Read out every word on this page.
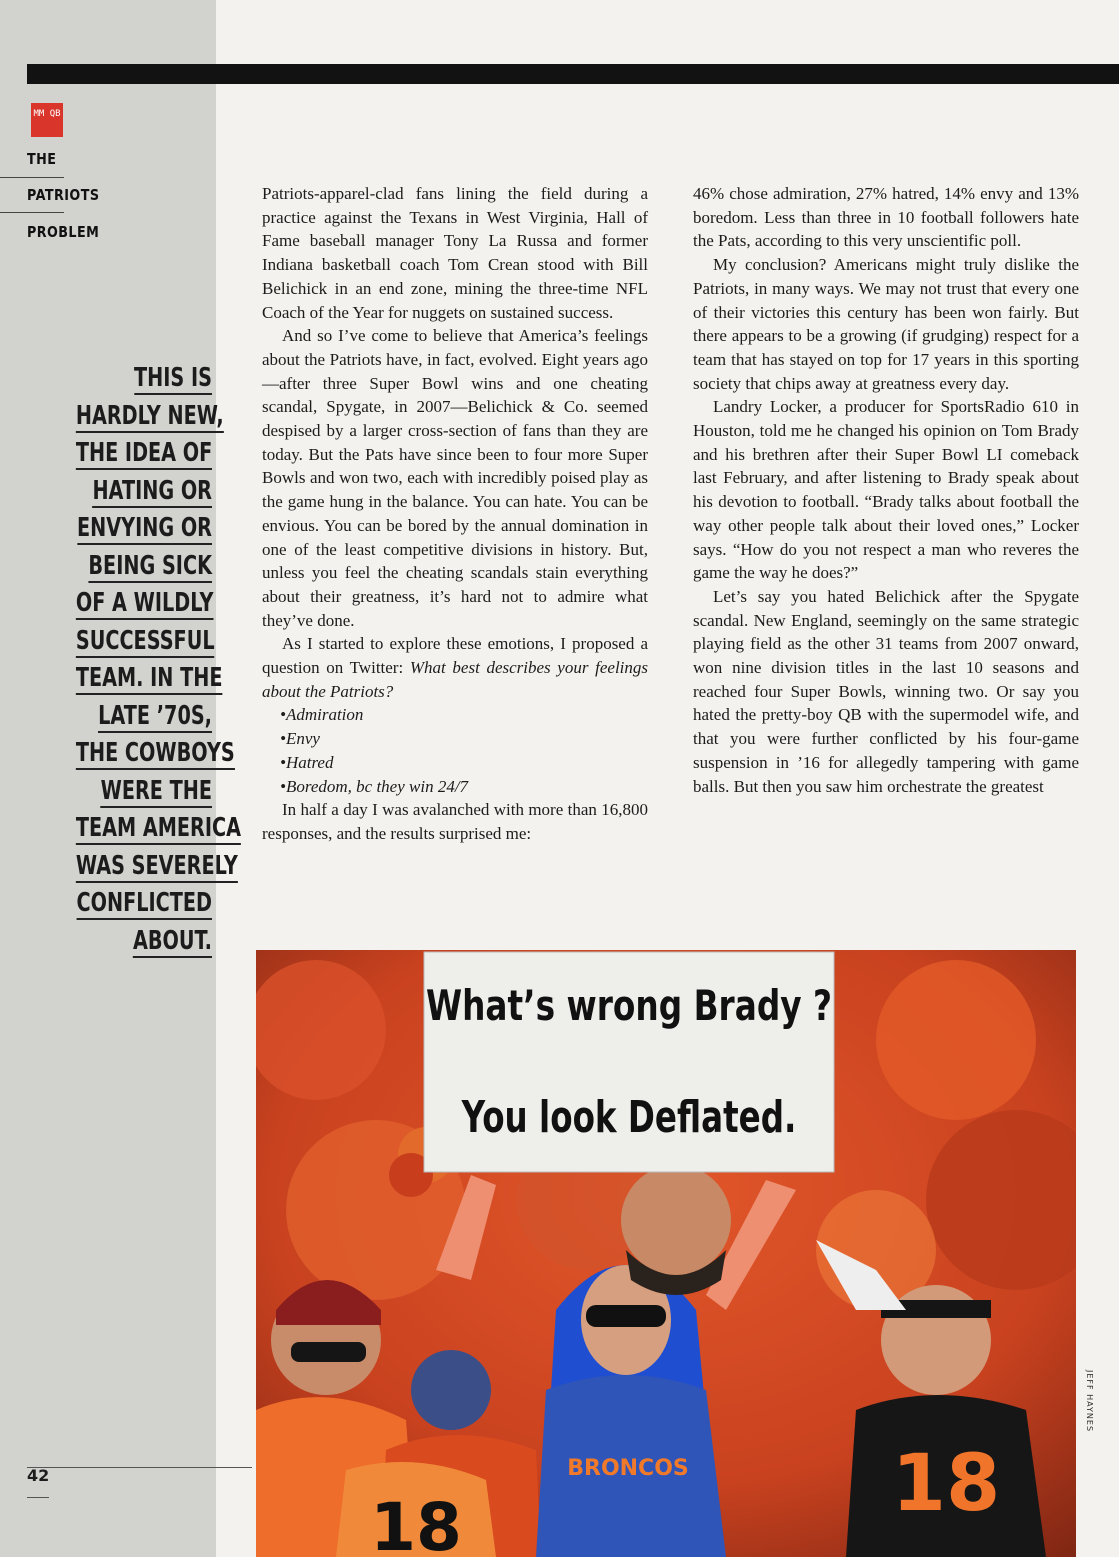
MM QB
THE
PATRIOTS
PROBLEM
THIS IS
HARDLY NEW,
THE IDEA OF
HATING OR
ENVYING OR
BEING SICK
OF A WILDLY
SUCCESSFUL
TEAM. IN THE
LATE ’70S,
THE COWBOYS
WERE THE
TEAM AMERICA
WAS SEVERELY
CONFLICTED
ABOUT.

Patriots-apparel-clad fans lining the field during a practice against the Texans in West Virginia, Hall of Fame baseball manager Tony La Russa and former Indiana basketball coach Tom Crean stood with Bill Belichick in an end zone, mining the three-time NFL Coach of the Year for nuggets on sustained success.

And so I’ve come to believe that America’s feelings about the Patriots have, in fact, evolved. Eight years ago—after three Super Bowl wins and one cheating scandal, Spygate, in 2007—Belichick & Co. seemed despised by a larger cross-section of fans than they are today. But the Pats have since been to four more Super Bowls and won two, each with incredibly poised play as the game hung in the balance. You can hate. You can be envious. You can be bored by the annual domination in one of the least competitive divisions in history. But, unless you feel the cheating scandals stain everything about their greatness, it’s hard not to admire what they’ve done.

As I started to explore these emotions, I proposed a question on Twitter: What best describes your feelings about the Patriots?

•Admiration

•Envy

•Hatred

•Boredom, bc they win 24/7

In half a day I was avalanched with more than 16,800 responses, and the results surprised me:

46% chose admiration, 27% hatred, 14% envy and 13% boredom. Less than three in 10 football followers hate the Pats, according to this very unscientific poll.

My conclusion? Americans might truly dislike the Patriots, in many ways. We may not trust that every one of their victories this century has been won fairly. But there appears to be a growing (if grudging) respect for a team that has stayed on top for 17 years in this sporting society that chips away at greatness every day.

Landry Locker, a producer for SportsRadio 610 in Houston, told me he changed his opinion on Tom Brady and his brethren after their Super Bowl LI comeback last February, and after listening to Brady speak about his devotion to football. “Brady talks about football the way other people talk about their loved ones,” Locker says. “How do you not respect a man who reveres the game the way he does?”

Let’s say you hated Belichick after the Spygate scandal. New England, seemingly on the same strategic playing field as the other 31 teams from 2007 onward, won nine division titles in the last 10 seasons and reached four Super Bowls, winning two. Or say you hated the pretty-boy QB with the supermodel wife, and that you were further conflicted by his four-game suspension in ’16 for allegedly tampering with game balls. But then you saw him orchestrate the greatest

BRONCOS	18
18
What’s wrong Brady ?
You look Deflated.
42
JEFF HAYNES
